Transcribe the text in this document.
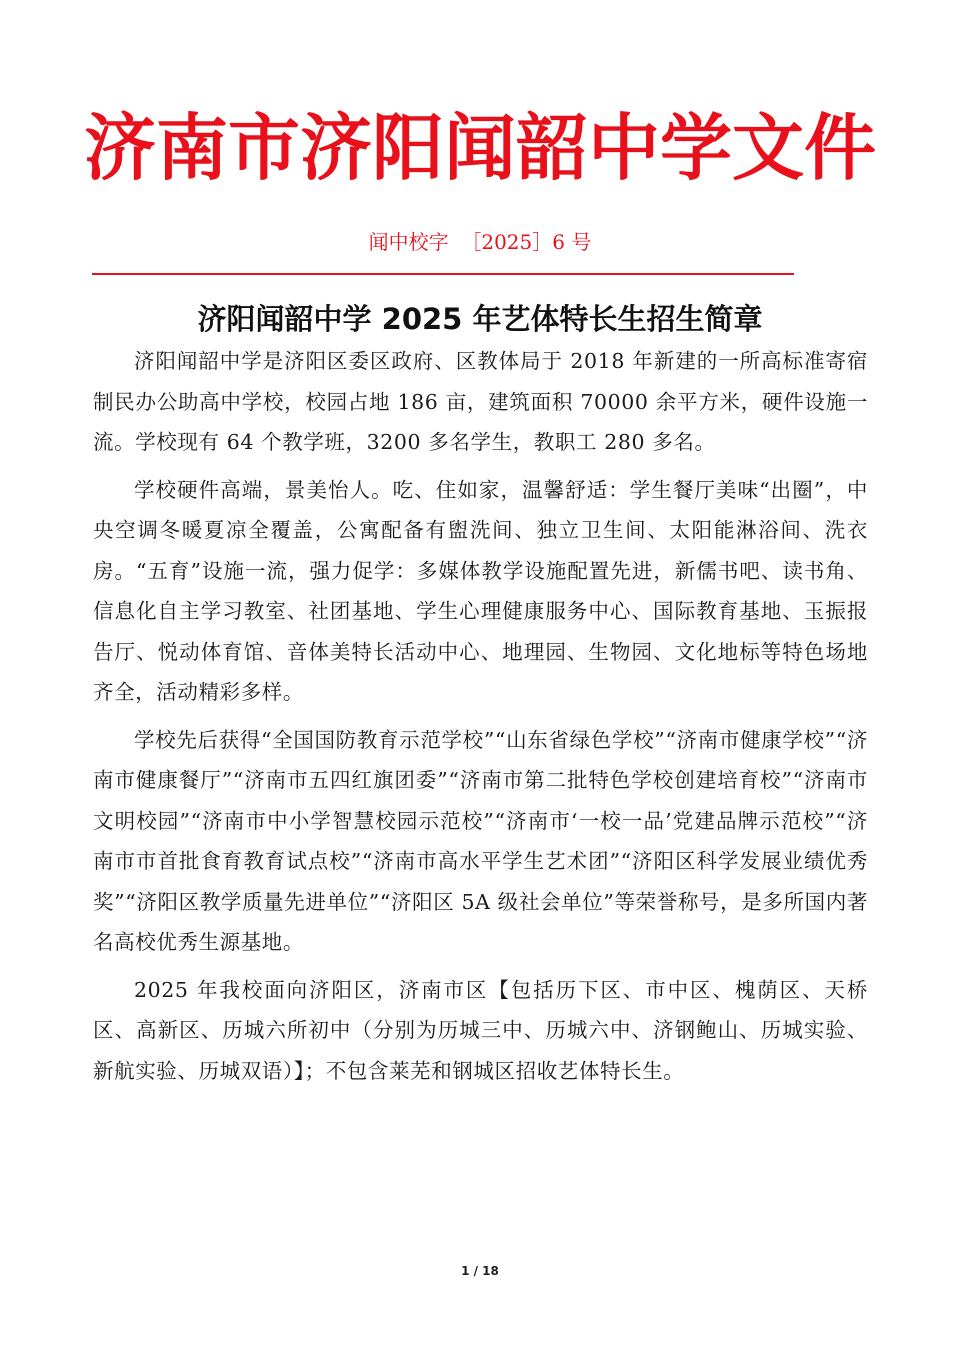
济南市济阳闻韶中学文件
闻中校字  ［2025］6 号
济阳闻韶中学 2025 年艺体特长生招生简章

济阳闻韶中学是济阳区委区政府、区教体局于 2018 年新建的一所高标准寄宿制民办公助高中学校，校园占地 186 亩，建筑面积 70000 余平方米，硬件设施一流。学校现有 64 个教学班，3200 多名学生，教职工 280 多名。

学校硬件高端，景美怡人。吃、住如家，温馨舒适：学生餐厅美味“出圈”，中央空调冬暖夏凉全覆盖，公寓配备有盥洗间、独立卫生间、太阳能淋浴间、洗衣房。“五育”设施一流，强力促学：多媒体教学设施配置先进，新儒书吧、读书角、信息化自主学习教室、社团基地、学生心理健康服务中心、国际教育基地、玉振报告厅、悦动体育馆、音体美特长活动中心、地理园、生物园、文化地标等特色场地齐全，活动精彩多样。

学校先后获得“全国国防教育示范学校”“山东省绿色学校”“济南市健康学校”“济南市健康餐厅”“济南市五四红旗团委”“济南市第二批特色学校创建培育校”“济南市文明校园”“济南市中小学智慧校园示范校”“济南市‘一校一品’党建品牌示范校”“济南市市首批食育教育试点校”“济南市高水平学生艺术团”“济阳区科学发展业绩优秀奖”“济阳区教学质量先进单位”“济阳区 5A 级社会单位”等荣誉称号，是多所国内著名高校优秀生源基地。

2025 年我校面向济阳区，济南市区【包括历下区、市中区、槐荫区、天桥区、高新区、历城六所初中（分别为历城三中、历城六中、济钢鲍山、历城实验、新航实验、历城双语）】；不包含莱芜和钢城区招收艺体特长生。

1 / 18
